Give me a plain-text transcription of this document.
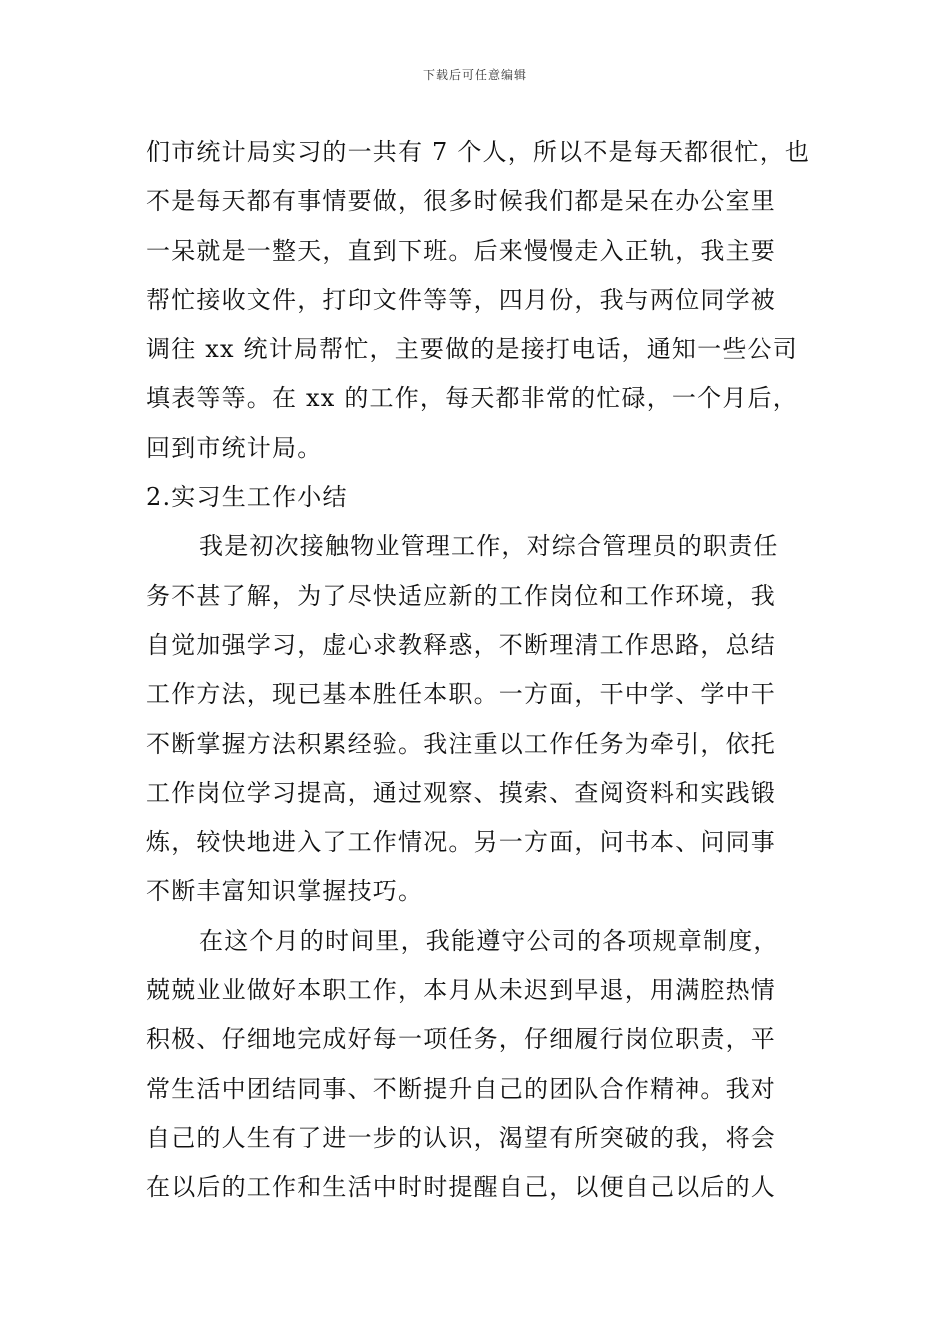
下载后可任意编辑
们市统计局实习的一共有 7 个人，所以不是每天都很忙，也
不是每天都有事情要做，很多时候我们都是呆在办公室里
一呆就是一整天，直到下班。后来慢慢走入正轨，我主要
帮忙接收文件，打印文件等等，四月份，我与两位同学被
调往 xx 统计局帮忙，主要做的是接打电话，通知一些公司
填表等等。在 xx 的工作，每天都非常的忙碌，一个月后，
回到市统计局。
2.实习生工作小结
我是初次接触物业管理工作，对综合管理员的职责任
务不甚了解，为了尽快适应新的工作岗位和工作环境，我
自觉加强学习，虚心求教释惑，不断理清工作思路，总结
工作方法，现已基本胜任本职。一方面，干中学、学中干
不断掌握方法积累经验。我注重以工作任务为牵引，依托
工作岗位学习提高，通过观察、摸索、查阅资料和实践锻
炼，较快地进入了工作情况。另一方面，问书本、问同事
不断丰富知识掌握技巧。
在这个月的时间里，我能遵守公司的各项规章制度，
兢兢业业做好本职工作，本月从未迟到早退，用满腔热情
积极、仔细地完成好每一项任务，仔细履行岗位职责，平
常生活中团结同事、不断提升自己的团队合作精神。我对
自己的人生有了进一步的认识，渴望有所突破的我，将会
在以后的工作和生活中时时提醒自己，以便自己以后的人
